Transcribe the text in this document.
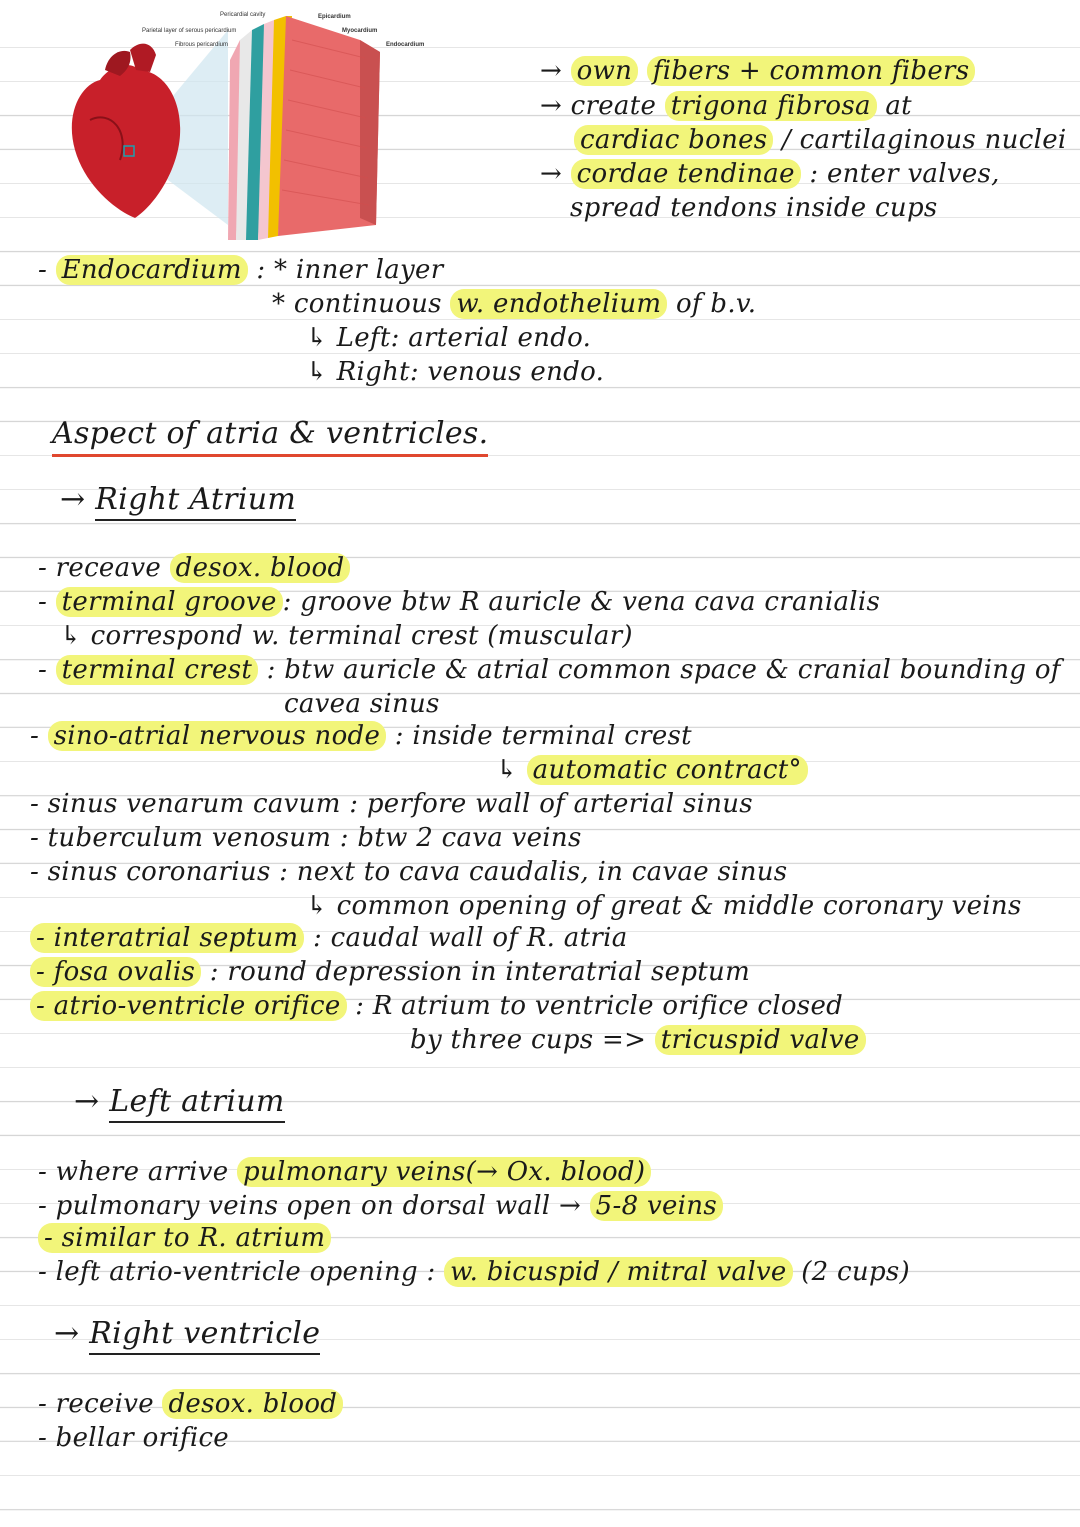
Pericardial cavity
Parietal layer of serous pericardium
Fibrous pericardium
Epicardium
Myocardium
Endocardium
→ own fibers + common fibers
→ create trigona fibrosa at
cardiac bones / cartilaginous nuclei
→ cordae tendinae : enter valves,
spread tendons inside cups
- Endocardium : * inner layer
* continuous w. endothelium of b.v.
↳ Left: arterial endo.
↳ Right: venous endo.
Aspect of atria & ventricles.
→ Right Atrium
- receave desox. blood
- terminal groove : groove btw R auricle & vena cava cranialis
↳ correspond w. terminal crest (muscular)
- terminal crest : btw auricle & atrial common space & cranial bounding of
cavea sinus
- sino-atrial nervous node : inside terminal crest
↳ automatic contract°
- sinus venarum cavum : perfore wall of arterial sinus
- tuberculum venosum : btw 2 cava veins
- sinus coronarius : next to cava caudalis, in cavae sinus
↳ common opening of great & middle coronary veins
- interatrial septum : caudal wall of R. atria
- fosa ovalis : round depression in interatrial septum
- atrio-ventricle orifice : R atrium to ventricle orifice closed
by three cups => tricuspid valve
→ Left atrium
- where arrive pulmonary veins(→ Ox. blood)
- pulmonary veins open on dorsal wall → 5-8 veins
- similar to R. atrium
- left atrio-ventricle opening : w. bicuspid / mitral valve (2 cups)
→ Right ventricle
- receive desox. blood
- bellar orifice
